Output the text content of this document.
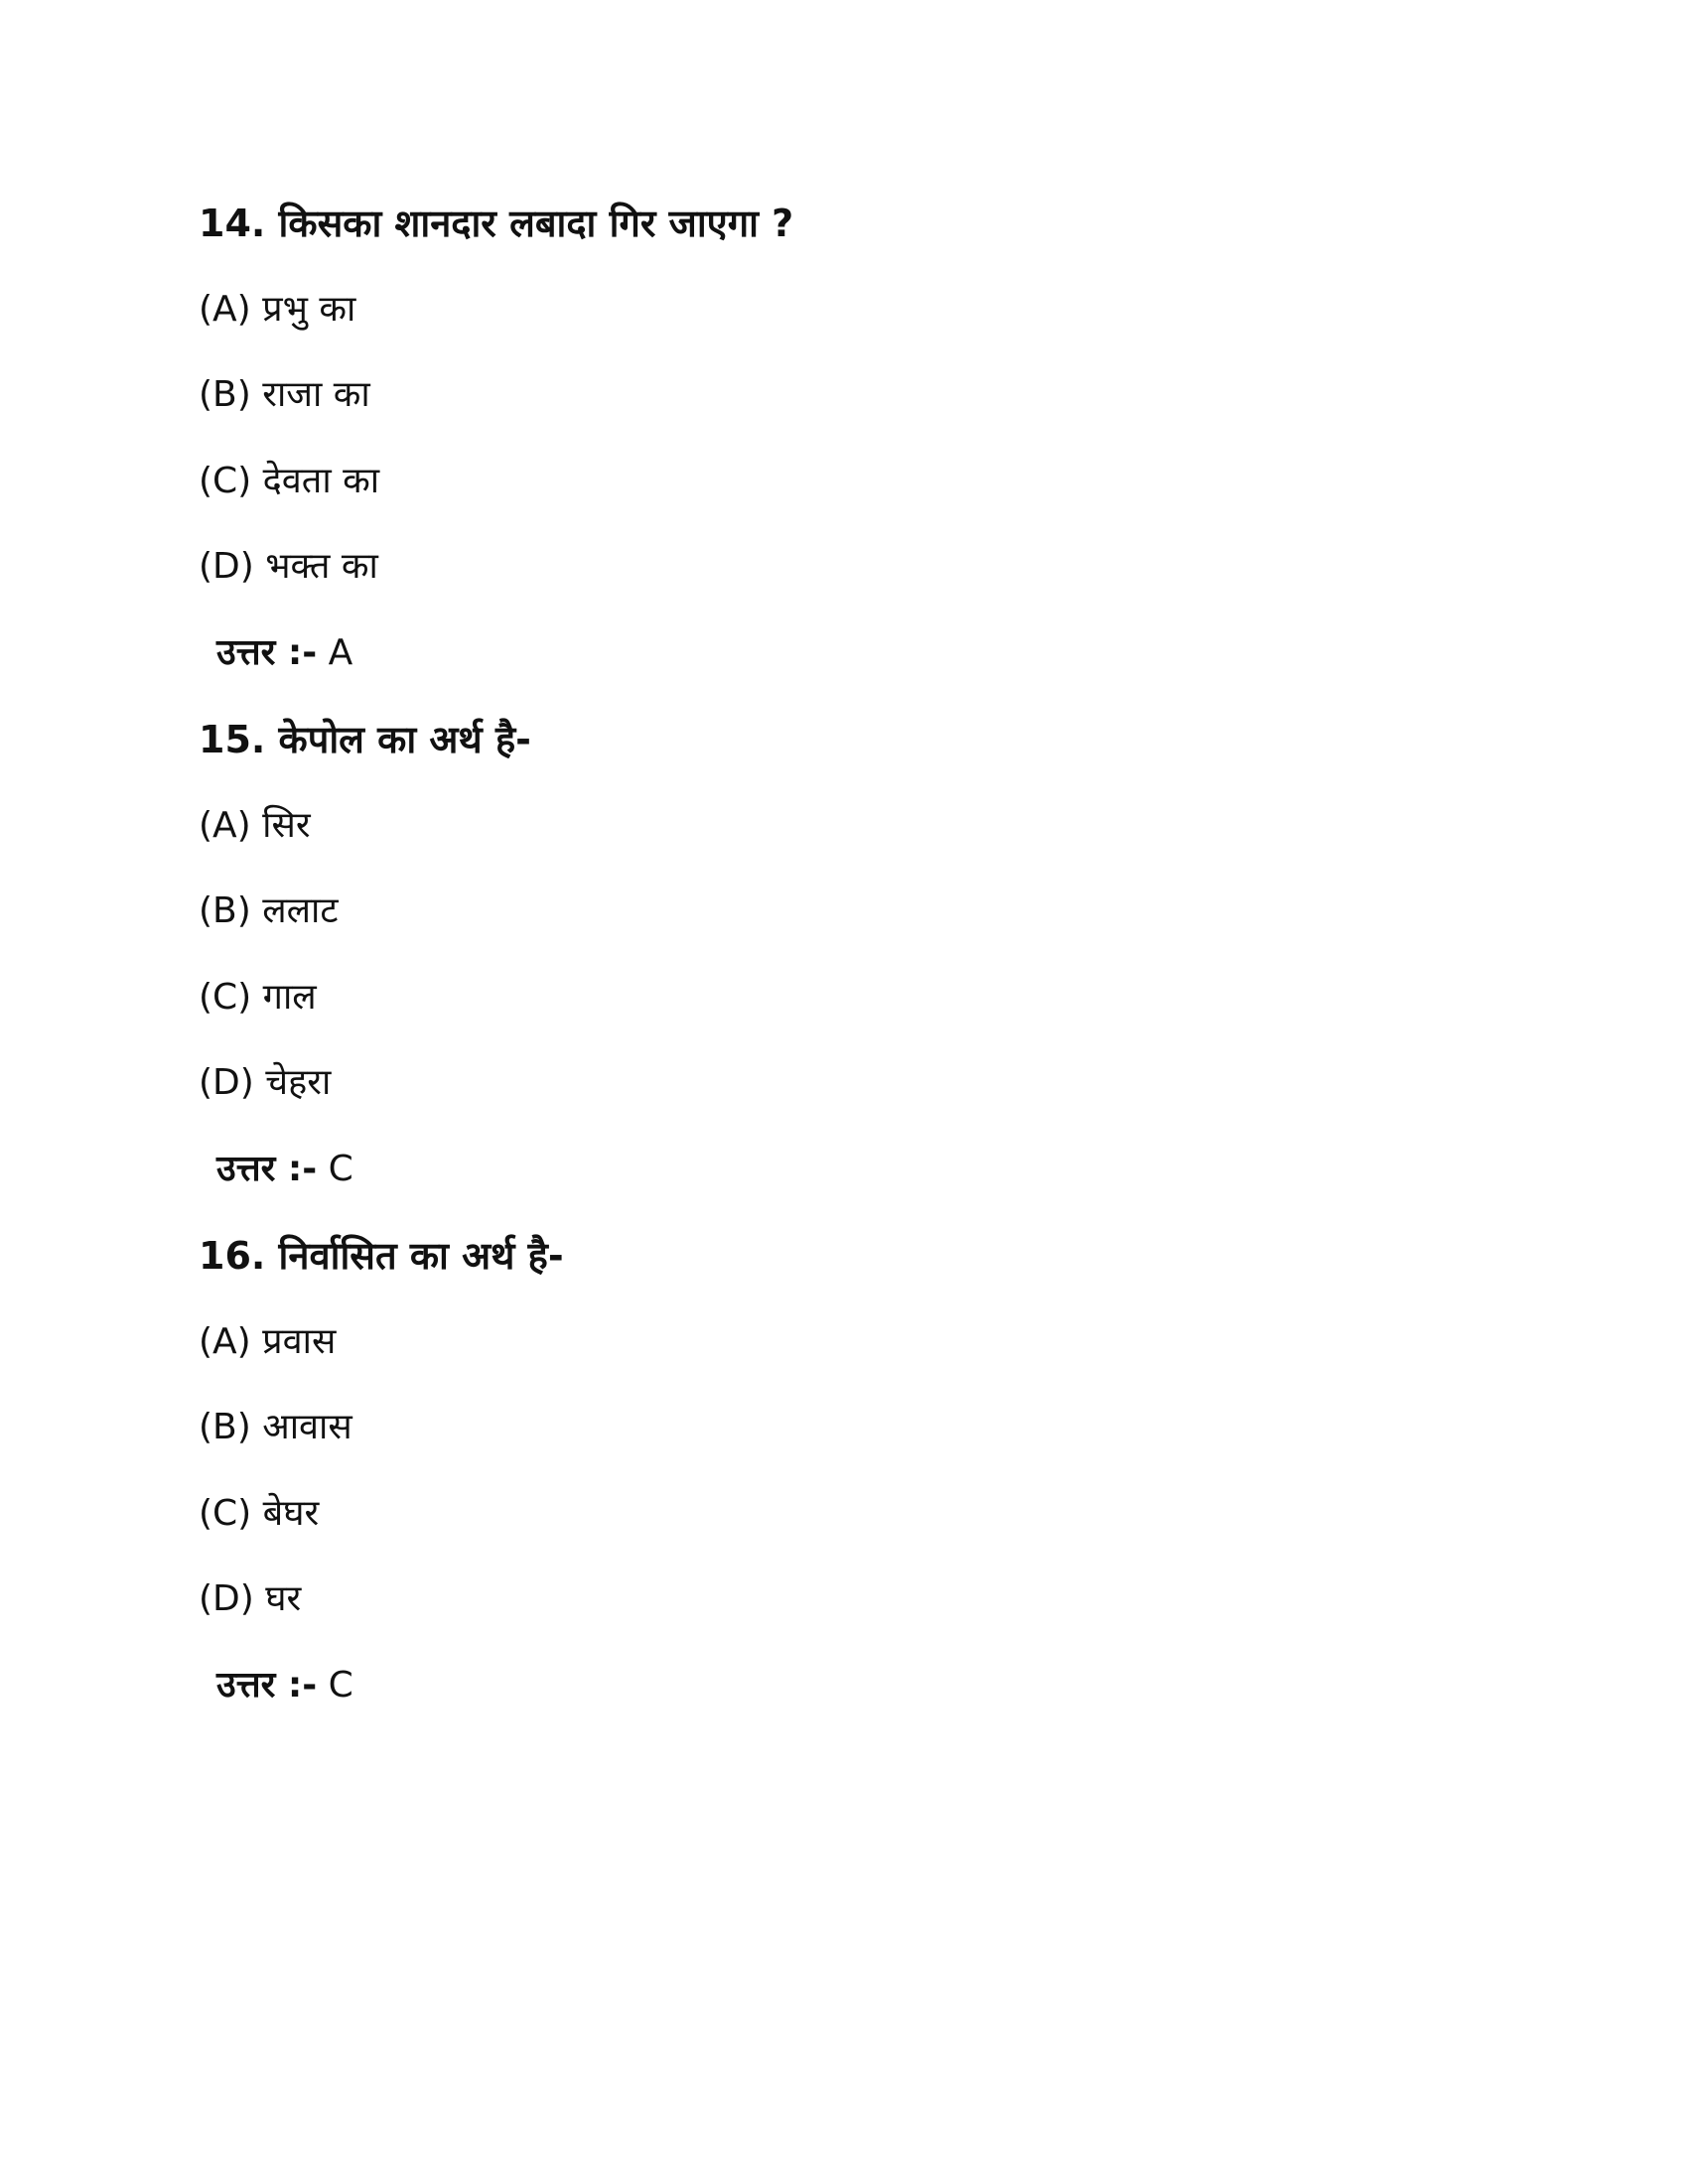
14. किसका शानदार लबादा गिर जाएगा ?
(A) प्रभु का
(B) राजा का
(C) देवता का
(D) भक्त का
उत्तर :- A
15. केपोल का अर्थ है-
(A) सिर
(B) ललाट
(C) गाल
(D) चेहरा
उत्तर :- C
16. निर्वासित का अर्थ है-
(A) प्रवास
(B) आवास
(C) बेघर
(D) घर
उत्तर :- C
